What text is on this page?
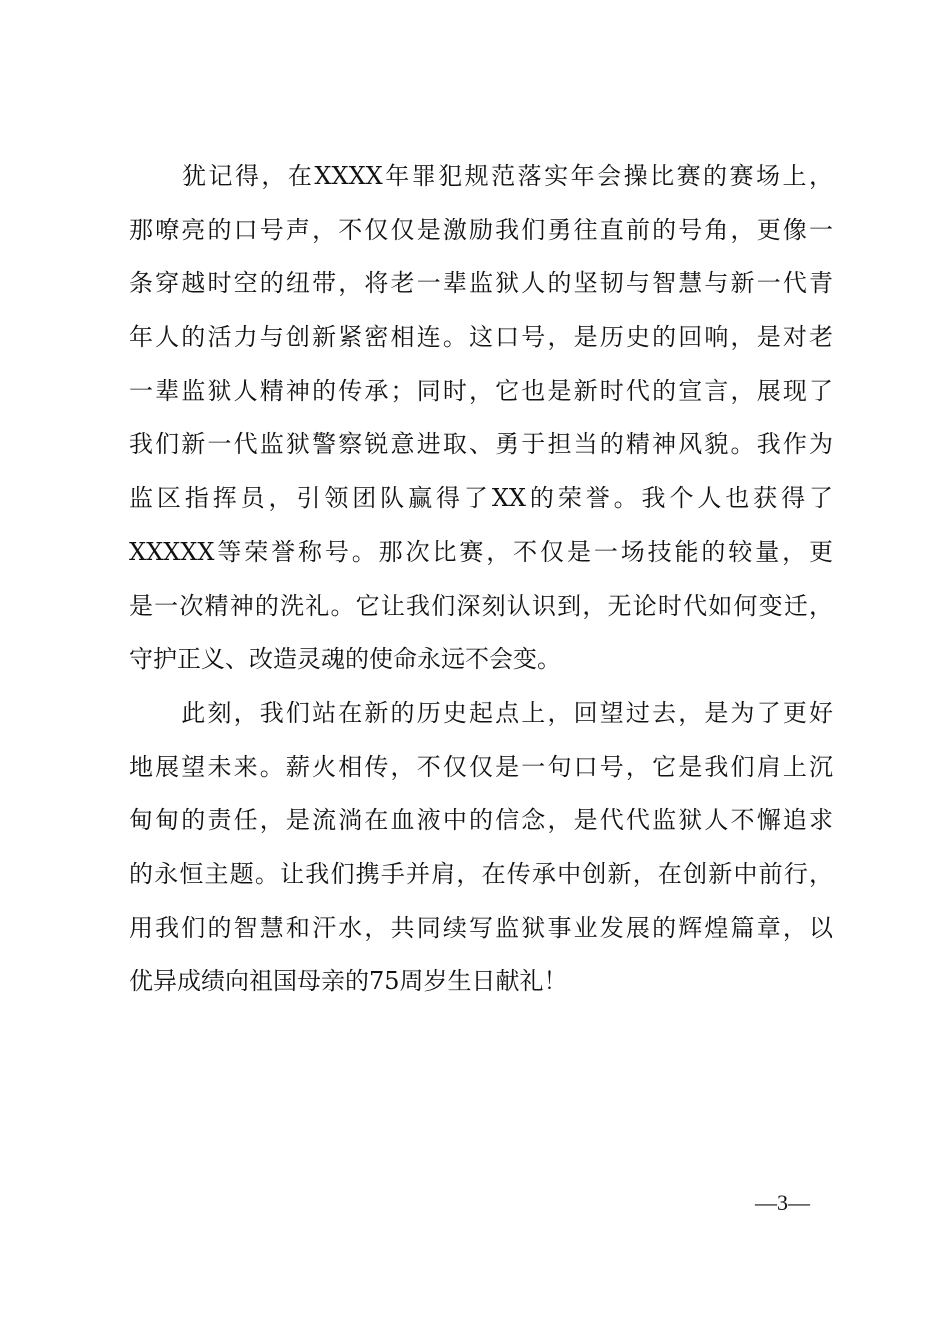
　　犹记得，在XXXX年罪犯规范落实年会操比赛的赛场上，
那嘹亮的口号声，不仅仅是激励我们勇往直前的号角，更像一
条穿越时空的纽带，将老一辈监狱人的坚韧与智慧与新一代青
年人的活力与创新紧密相连。这口号，是历史的回响，是对老
一辈监狱人精神的传承；同时，它也是新时代的宣言，展现了
我们新一代监狱警察锐意进取、勇于担当的精神风貌。我作为
监区指挥员，引领团队赢得了XX的荣誉。我个人也获得了
XXXXX等荣誉称号。那次比赛，不仅是一场技能的较量，更
是一次精神的洗礼。它让我们深刻认识到，无论时代如何变迁，
守护正义、改造灵魂的使命永远不会变。
　　此刻，我们站在新的历史起点上，回望过去，是为了更好
地展望未来。薪火相传，不仅仅是一句口号，它是我们肩上沉
甸甸的责任，是流淌在血液中的信念，是代代监狱人不懈追求
的永恒主题。让我们携手并肩，在传承中创新，在创新中前行，
用我们的智慧和汗水，共同续写监狱事业发展的辉煌篇章，以
优异成绩向祖国母亲的75周岁生日献礼！
—3—
